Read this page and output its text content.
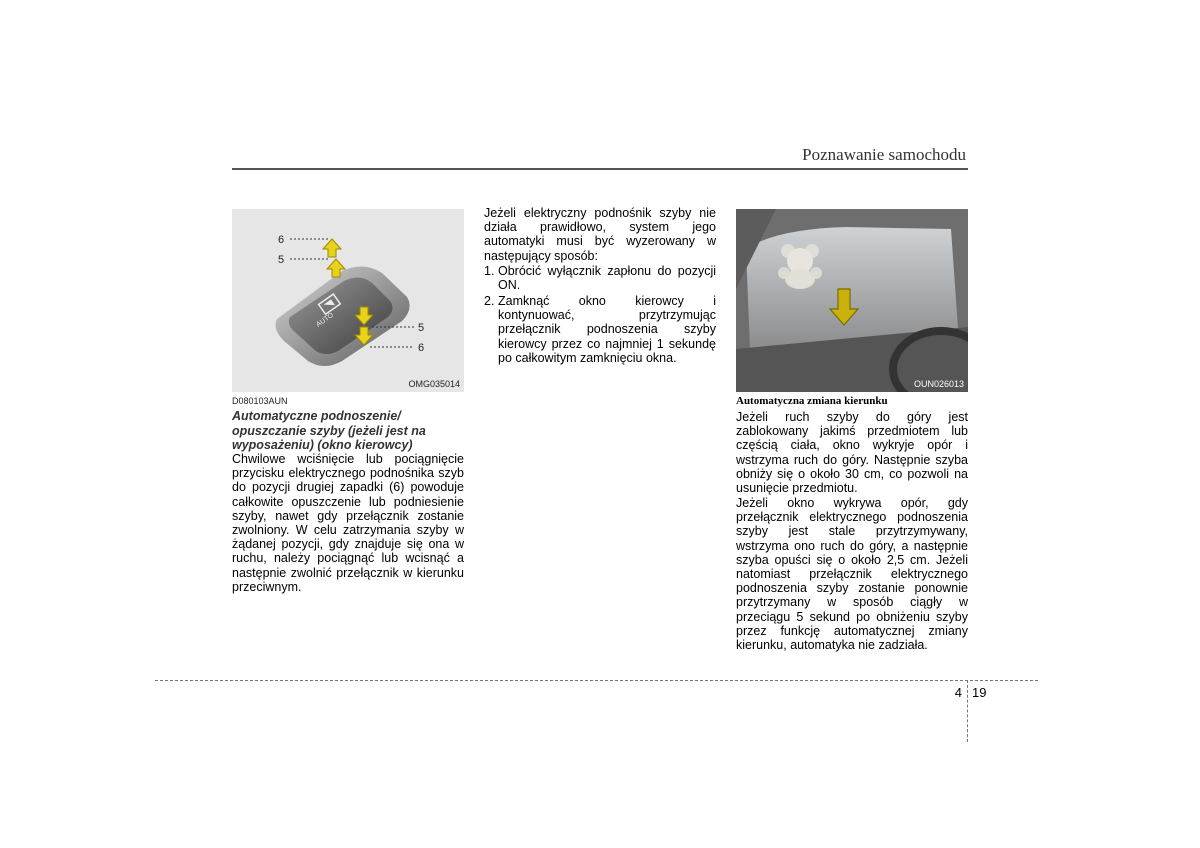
Poznawanie samochodu
6
5
5
6
AUTO
OMG035014	OUN026013
D080103AUN
Automatyczne podnoszenie/ opuszczanie szyby (jeżeli jest na wyposażeniu) (okno kierowcy)

Chwilowe wciśnięcie lub pociągnięcie przycisku elektrycznego podnośnika szyb do pozycji drugiej zapadki (6) powoduje całkowite opuszczenie lub podniesienie szyby, nawet gdy przełącznik zostanie zwolniony. W celu zatrzymania szyby w żądanej pozycji, gdy znajduje się ona w ruchu, należy pociągnąć lub wcisnąć a następnie zwolnić przełącznik w kierunku przeciwnym.

Jeżeli elektryczny podnośnik szyby nie działa prawidłowo, system jego automatyki musi być wyzerowany w następujący sposób:

1. Obrócić wyłącznik zapłonu do pozycji ON.
2. Zamknąć okno kierowcy i kontynuować, przytrzymując przełącznik podnoszenia szyby kierowcy przez co najmniej 1 sekundę po całkowitym zamknięciu okna.
Automatyczna zmiana kierunku

Jeżeli ruch szyby do góry jest zablokowany jakimś przedmiotem lub częścią ciała, okno wykryje opór i wstrzyma ruch do góry. Następnie szyba obniży się o około 30 cm, co pozwoli na usunięcie przedmiotu.

Jeżeli okno wykrywa opór, gdy przełącznik elektrycznego podnoszenia szyby jest stale przytrzymywany, wstrzyma ono ruch do góry, a następnie szyba opuści się o około 2,5 cm. Jeżeli natomiast przełącznik elektrycznego podnoszenia szyby zostanie ponownie przytrzymany w sposób ciągły w przeciągu 5 sekund po obniżeniu szyby przez funkcję automatycznej zmiany kierunku, automatyka nie zadziała.

4 19
